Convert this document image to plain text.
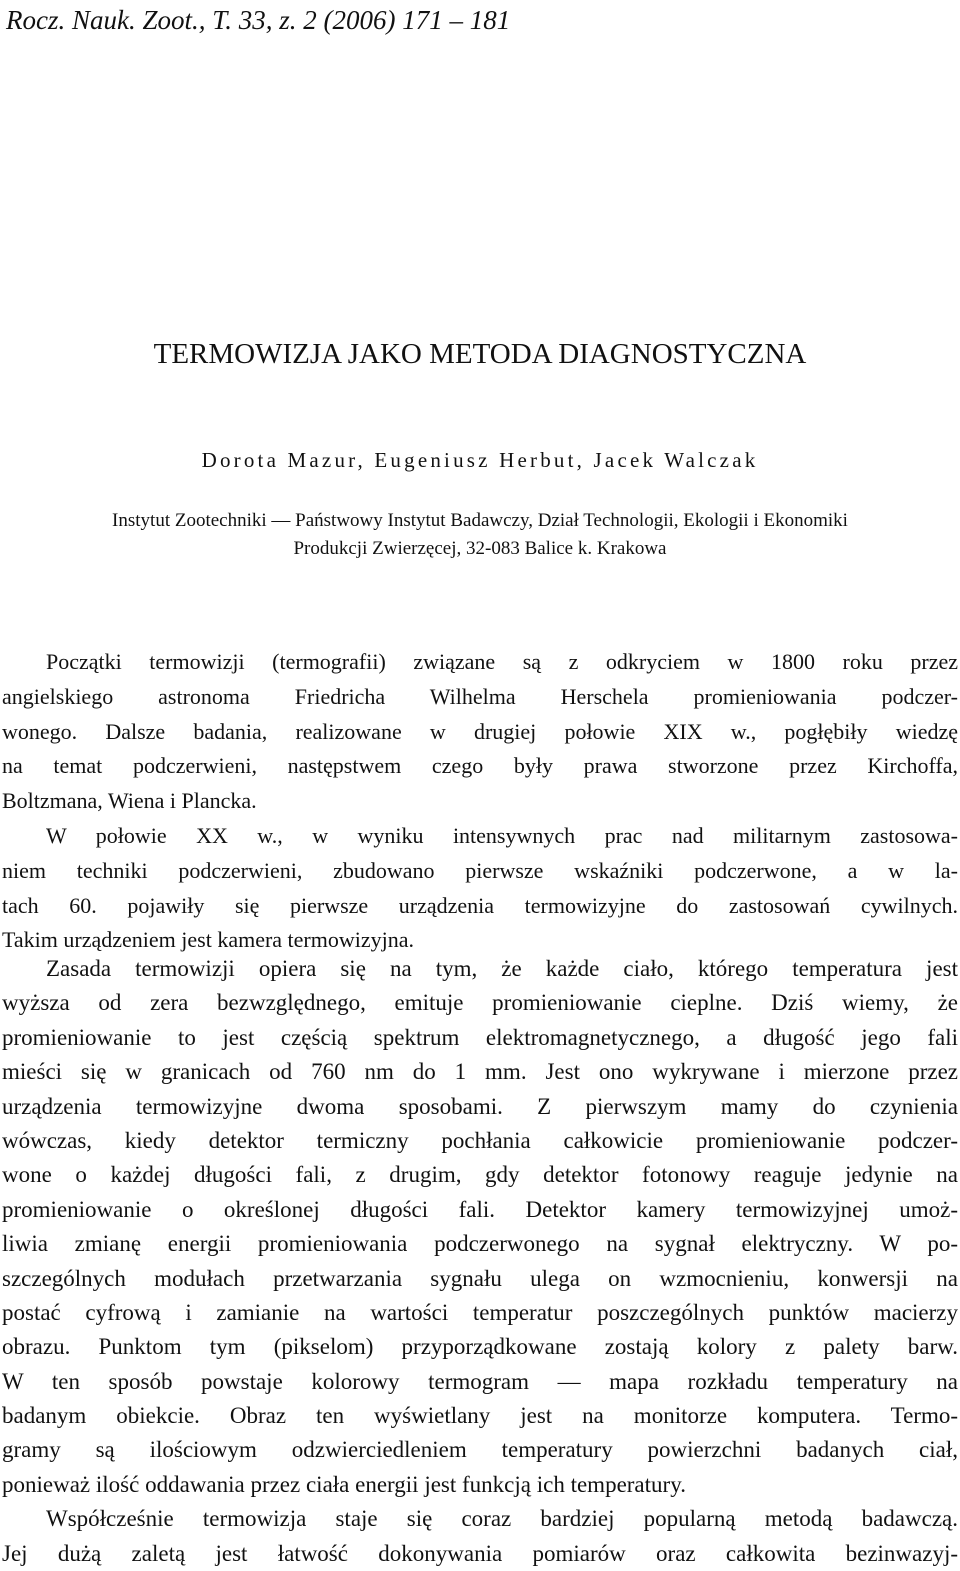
Rocz. Nauk. Zoot., T. 33, z. 2 (2006) 171 – 181
TERMOWIZJA JAKO METODA DIAGNOSTYCZNA
Dorota Mazur, Eugeniusz Herbut, Jacek Walczak
Instytut Zootechniki — Państwowy Instytut Badawczy, Dział Technologii, Ekologii i Ekonomiki
Produkcji Zwierzęcej, 32-083 Balice k. Krakowa
Początki termowizji (termografii) związane są z odkryciem w 1800 roku przez
angielskiego astronoma Friedricha Wilhelma Herschela promieniowania podczer-
wonego. Dalsze badania, realizowane w drugiej połowie XIX w., pogłębiły wiedzę
na temat podczerwieni, następstwem czego były prawa stworzone przez Kirchoffa,
Boltzmana, Wiena i Plancka.
W połowie XX w., w wyniku intensywnych prac nad militarnym zastosowa-
niem techniki podczerwieni, zbudowano pierwsze wskaźniki podczerwone, a w la-
tach 60. pojawiły się pierwsze urządzenia termowizyjne do zastosowań cywilnych.
Takim urządzeniem jest kamera termowizyjna.
Zasada termowizji opiera się na tym, że każde ciało, którego temperatura jest
wyższa od zera bezwzględnego, emituje promieniowanie cieplne. Dziś wiemy, że
promieniowanie to jest częścią spektrum elektromagnetycznego, a długość jego fali
mieści się w granicach od 760 nm do 1 mm. Jest ono wykrywane i mierzone przez
urządzenia termowizyjne dwoma sposobami. Z pierwszym mamy do czynienia
wówczas, kiedy detektor termiczny pochłania całkowicie promieniowanie podczer-
wone o każdej długości fali, z drugim, gdy detektor fotonowy reaguje jedynie na
promieniowanie o określonej długości fali. Detektor kamery termowizyjnej umoż-
liwia zmianę energii promieniowania podczerwonego na sygnał elektryczny. W po-
szczególnych modułach przetwarzania sygnału ulega on wzmocnieniu, konwersji na
postać cyfrową i zamianie na wartości temperatur poszczególnych punktów macierzy
obrazu. Punktom tym (pikselom) przyporządkowane zostają kolory z palety barw.
W ten sposób powstaje kolorowy termogram — mapa rozkładu temperatury na
badanym obiekcie. Obraz ten wyświetlany jest na monitorze komputera. Termo-
gramy są ilościowym odzwierciedleniem temperatury powierzchni badanych ciał,
ponieważ ilość oddawania przez ciała energii jest funkcją ich temperatury.
Współcześnie termowizja staje się coraz bardziej popularną metodą badawczą.
Jej dużą zaletą jest łatwość dokonywania pomiarów oraz całkowita bezinwazyj-
